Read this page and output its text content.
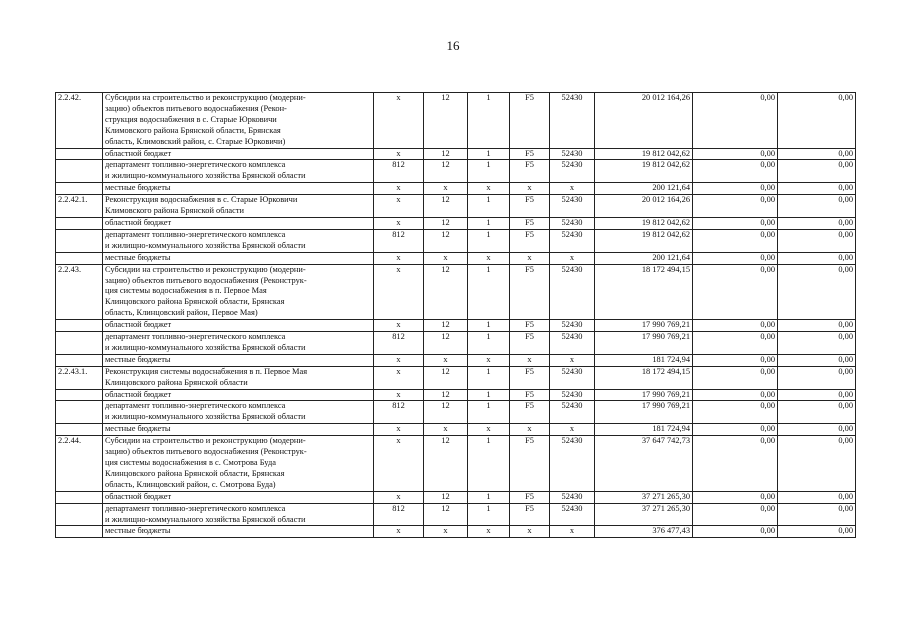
16
2.2.42.	Субсидии на строительство и реконструкцию (модерни-
зацию) объектов питьевого водоснабжения (Рекон-
струкция водоснабжения в с. Старые Юрковичи
Климовского района Брянской области, Брянская
область, Климовский район, с. Старые Юрковичи)	х	12	1	F5	52430	20 012 164,26	0,00	0,00
	областной бюджет	х	12	1	F5	52430	19 812 042,62	0,00	0,00
	департамент топливно-энергетического комплекса
и жилищно-коммунального хозяйства Брянской области	812	12	1	F5	52430	19 812 042,62	0,00	0,00
	местные бюджеты	х	х	х	х	х	200 121,64	0,00	0,00
2.2.42.1.	Реконструкция водоснабжения в с. Старые Юрковичи
Климовского района Брянской области	х	12	1	F5	52430	20 012 164,26	0,00	0,00
	областной бюджет	х	12	1	F5	52430	19 812 042,62	0,00	0,00
	департамент топливно-энергетического комплекса
и жилищно-коммунального хозяйства Брянской области	812	12	1	F5	52430	19 812 042,62	0,00	0,00
	местные бюджеты	х	х	х	х	х	200 121,64	0,00	0,00
2.2.43.	Субсидии на строительство и реконструкцию (модерни-
зацию) объектов питьевого водоснабжения (Реконструк-
ция системы водоснабжения в п. Первое Мая
Клинцовского района Брянской области, Брянская
область, Клинцовский район, Первое Мая)	х	12	1	F5	52430	18 172 494,15	0,00	0,00
	областной бюджет	х	12	1	F5	52430	17 990 769,21	0,00	0,00
	департамент топливно-энергетического комплекса
и жилищно-коммунального хозяйства Брянской области	812	12	1	F5	52430	17 990 769,21	0,00	0,00
	местные бюджеты	х	х	х	х	х	181 724,94	0,00	0,00
2.2.43.1.	Реконструкция системы водоснабжения в п. Первое Мая
Клинцовского района Брянской области	х	12	1	F5	52430	18 172 494,15	0,00	0,00
	областной бюджет	х	12	1	F5	52430	17 990 769,21	0,00	0,00
	департамент топливно-энергетического комплекса
и жилищно-коммунального хозяйства Брянской области	812	12	1	F5	52430	17 990 769,21	0,00	0,00
	местные бюджеты	х	х	х	х	х	181 724,94	0,00	0,00
2.2.44.	Субсидии на строительство и реконструкцию (модерни-
зацию) объектов питьевого водоснабжения (Реконструк-
ция системы водоснабжения в с. Смотрова Буда
Клинцовского района Брянской области, Брянская
область, Клинцовский район, с. Смотрова Буда)	х	12	1	F5	52430	37 647 742,73	0,00	0,00
	областной бюджет	х	12	1	F5	52430	37 271 265,30	0,00	0,00
	департамент топливно-энергетического комплекса
и жилищно-коммунального хозяйства Брянской области	812	12	1	F5	52430	37 271 265,30	0,00	0,00
	местные бюджеты	х	х	х	х	х	376 477,43	0,00	0,00
